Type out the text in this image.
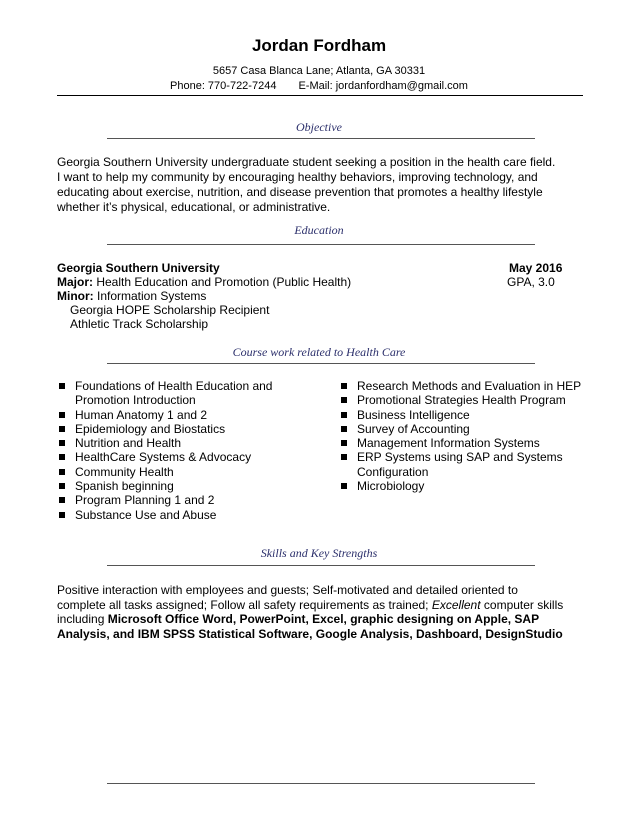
Jordan Fordham
5657 Casa Blanca Lane; Atlanta, GA 30331
Phone: 770-722-7244 E-Mail: jordanfordham@gmail.com
Objective
Georgia Southern University undergraduate student seeking a position in the health care field.
I want to help my community by encouraging healthy behaviors, improving technology, and
educating about exercise, nutrition, and disease prevention that promotes a healthy lifestyle
whether it’s physical, educational, or administrative.
Education
Georgia Southern University	May 2016
Major: Health Education and Promotion (Public Health)	GPA, 3.0
Minor: Information Systems
Georgia HOPE Scholarship Recipient
Athletic Track Scholarship
Course work related to Health Care
Foundations of Health Education and Promotion Introduction
Human Anatomy 1 and 2
Epidemiology and Biostatics
Nutrition and Health
HealthCare Systems & Advocacy
Community Health
Spanish beginning
Program Planning 1 and 2
Substance Use and Abuse
Research Methods and Evaluation in HEP
Promotional Strategies Health Program
Business Intelligence
Survey of Accounting
Management Information Systems
ERP Systems using SAP and Systems Configuration
Microbiology
Skills and Key Strengths
Positive interaction with employees and guests; Self-motivated and detailed oriented to complete all tasks assigned; Follow all safety requirements as trained; Excellent computer skills including Microsoft Office Word, PowerPoint, Excel, graphic designing on Apple, SAP Analysis, and IBM SPSS Statistical Software, Google Analysis, Dashboard, DesignStudio
